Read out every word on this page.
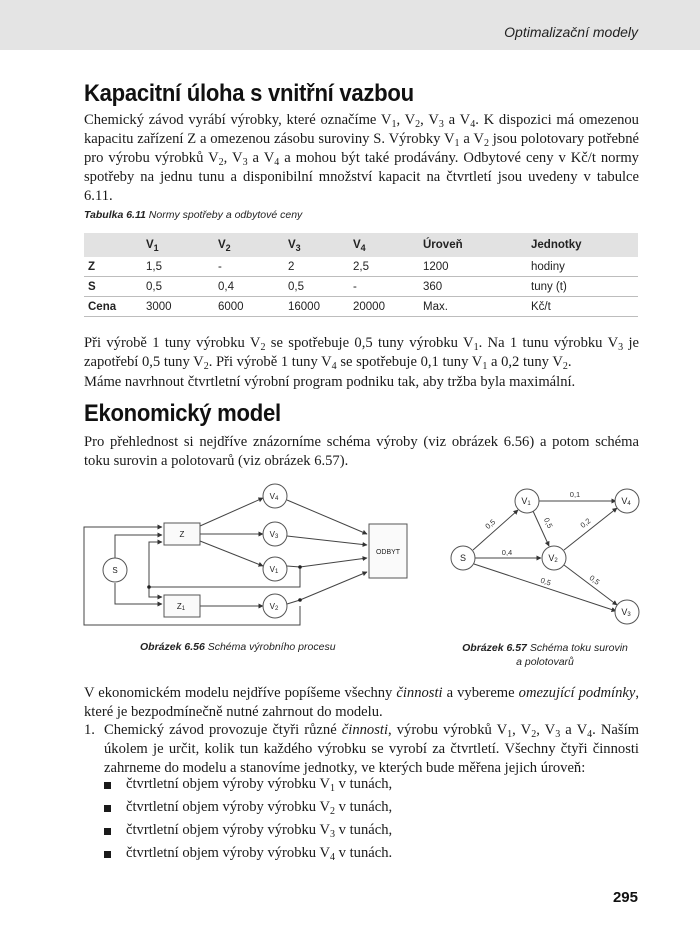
Optimalizační modely
Kapacitní úloha s vnitřní vazbou
Chemický závod vyrábí výrobky, které označíme $V_1$, $V_2$, $V_3$ a $V_4$. K dispozici má omezenou kapacitu zařízení Z a omezenou zásobu suroviny S. Výrobky $V_1$ a $V_2$ jsou polotovary potřebné pro výrobu výrobků $V_2$, $V_3$ a $V_4$ a mohou být také prodávány. Odbytové ceny v Kč/t normy spotřeby na jednu tunu a disponibilní množství kapacit na čtvrtletí jsou uvedeny v tabulce 6.11.
Tabulka 6.11 Normy spotřeby a odbytové ceny
	$V_1$	$V_2$	$V_3$	$V_4$	Úroveň	Jednotky
Z	1,5	-	2	2,5	1200	hodiny
S	0,5	0,4	0,5	-	360	tuny (t)
Cena	3000	6000	16000	20000	Max.	Kč/t
Při výrobě 1 tuny výrobku $V_2$ se spotřebuje 0,5 tuny výrobku $V_1$. Na 1 tunu výrobku $V_3$ je zapotřebí 0,5 tuny $V_2$. Při výrobě 1 tuny $V_4$ se spotřebuje 0,1 tuny $V_1$ a 0,2 tuny $V_2$.
Máme navrhnout čtvrtletní výrobní program podniku tak, aby tržba byla maximální.
Ekonomický model
Pro přehlednost si nejdříve znázorníme schéma výroby (viz obrázek 6.56) a potom schéma toku surovin a polotovarů (viz obrázek 6.57).
S
Z
Z1
V4
V3
V1
V2
ODBYT
Obrázek 6.56 Schéma výrobního procesu
S
V1
V2
V3
V4
0,5
0,4
0,5
0,1
0,5	0,2
0,5
Obrázek 6.57 Schéma toku surovin
a polotovarů
V ekonomickém modelu nejdříve popíšeme všechny činnosti a vybereme omezující podmínky, které je bezpodmínečně nutné zahrnout do modelu.
1. Chemický závod provozuje čtyři různé činnosti, výrobu výrobků $V_1$, $V_2$, $V_3$ a $V_4$. Naším úkolem je určit, kolik tun každého výrobku se vyrobí za čtvrtletí. Všechny čtyři činnosti zahrneme do modelu a stanovíme jednotky, ve kterých bude měřena jejich úroveň:
čtvrtletní objem výroby výrobku $V_1$ v tunách,
čtvrtletní objem výroby výrobku $V_2$ v tunách,
čtvrtletní objem výroby výrobku $V_3$ v tunách,
čtvrtletní objem výroby výrobku $V_4$ v tunách.
295
